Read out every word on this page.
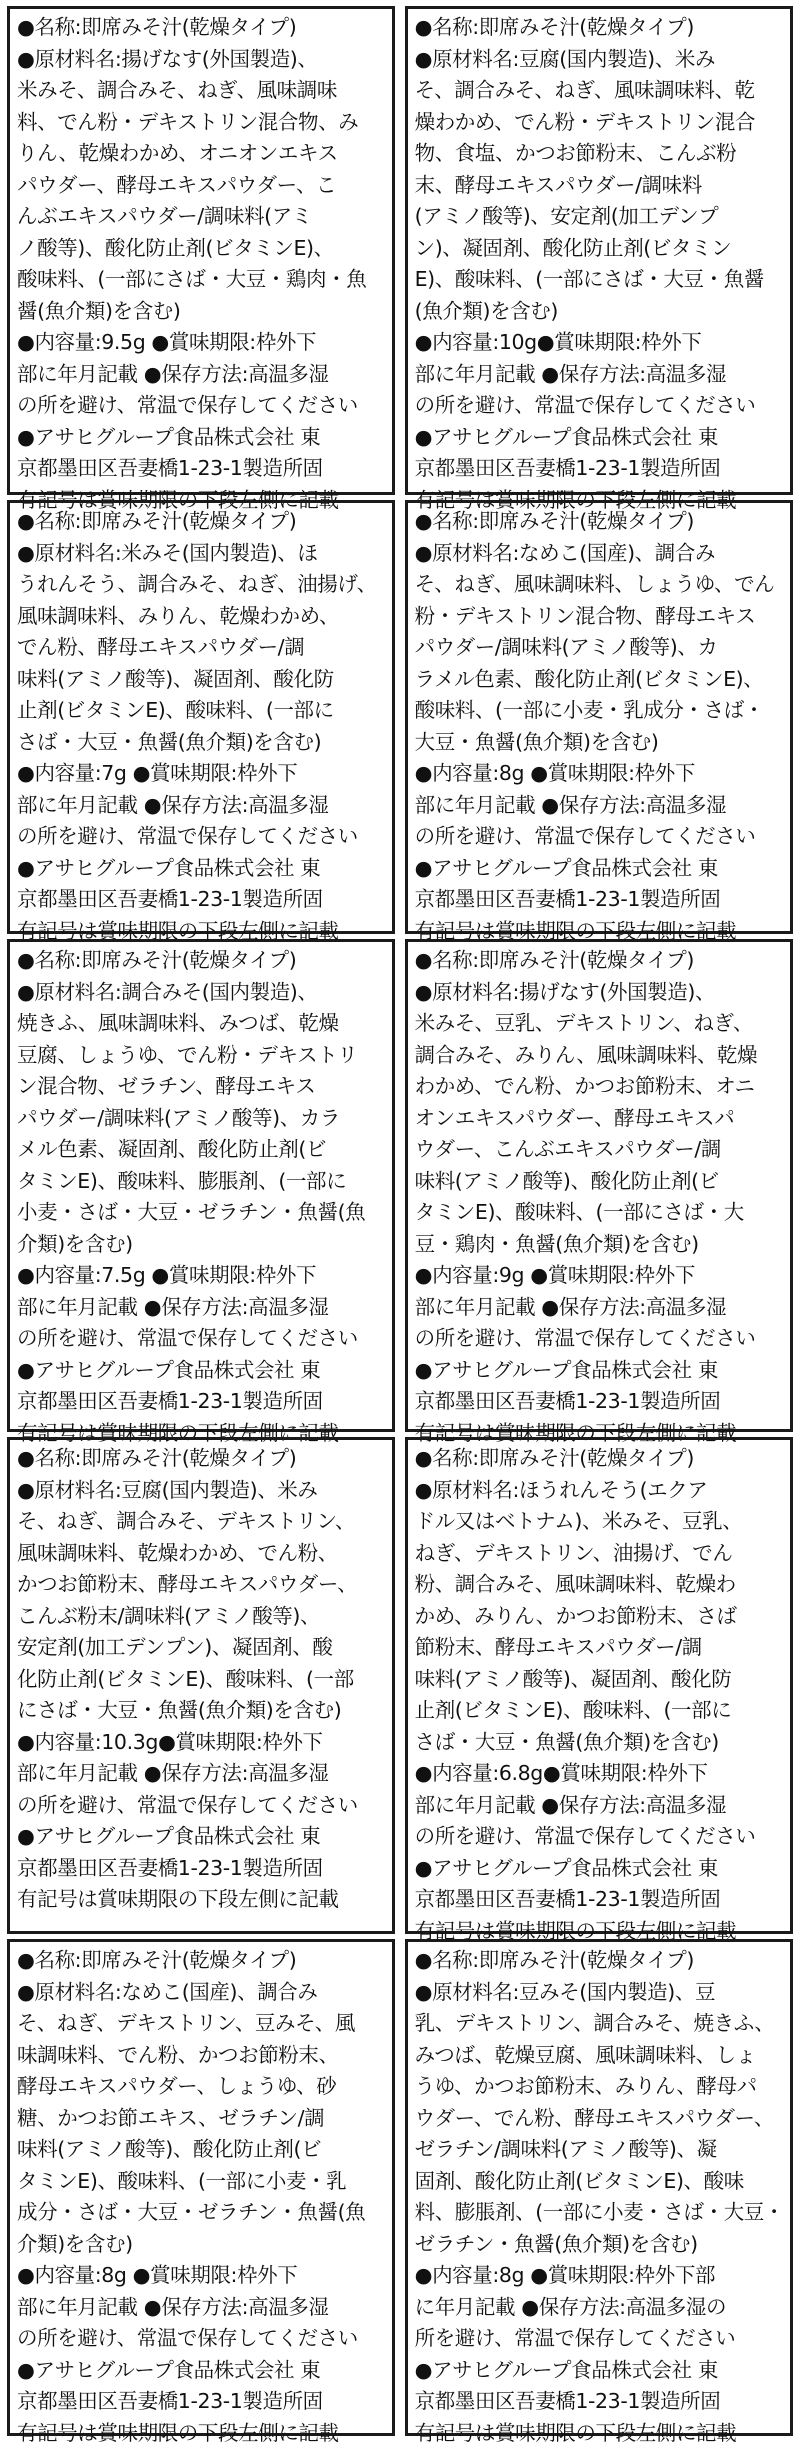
●名称:即席みそ汁(乾燥タイプ)
●原材料名:揚げなす(外国製造)、
米みそ、調合みそ、ねぎ、風味調味
料、でん粉・デキストリン混合物、み
りん、乾燥わかめ、オニオンエキス
パウダー、酵母エキスパウダー、こ
んぶエキスパウダー/調味料(アミ
ノ酸等)、酸化防止剤(ビタミンE)、
酸味料、(一部にさば・大豆・鶏肉・魚
醤(魚介類)を含む)
●内容量:9.5g ●賞味期限:枠外下
部に年月記載 ●保存方法:高温多湿
の所を避け、常温で保存してください
●アサヒグループ食品株式会社 東
京都墨田区吾妻橋1-23-1製造所固
有記号は賞味期限の下段左側に記載
●名称:即席みそ汁(乾燥タイプ)
●原材料名:豆腐(国内製造)、米み
そ、調合みそ、ねぎ、風味調味料、乾
燥わかめ、でん粉・デキストリン混合
物、食塩、かつお節粉末、こんぶ粉
末、酵母エキスパウダー/調味料
(アミノ酸等)、安定剤(加工デンプ
ン)、凝固剤、酸化防止剤(ビタミン
E)、酸味料、(一部にさば・大豆・魚醤
(魚介類)を含む)
●内容量:10g●賞味期限:枠外下
部に年月記載 ●保存方法:高温多湿
の所を避け、常温で保存してください
●アサヒグループ食品株式会社 東
京都墨田区吾妻橋1-23-1製造所固
有記号は賞味期限の下段左側に記載
●名称:即席みそ汁(乾燥タイプ)
●原材料名:米みそ(国内製造)、ほ
うれんそう、調合みそ、ねぎ、油揚げ、
風味調味料、みりん、乾燥わかめ、
でん粉、酵母エキスパウダー/調
味料(アミノ酸等)、凝固剤、酸化防
止剤(ビタミンE)、酸味料、(一部に
さば・大豆・魚醤(魚介類)を含む)
●内容量:7g ●賞味期限:枠外下
部に年月記載 ●保存方法:高温多湿
の所を避け、常温で保存してください
●アサヒグループ食品株式会社 東
京都墨田区吾妻橋1-23-1製造所固
有記号は賞味期限の下段左側に記載
●名称:即席みそ汁(乾燥タイプ)
●原材料名:なめこ(国産)、調合み
そ、ねぎ、風味調味料、しょうゆ、でん
粉・デキストリン混合物、酵母エキス
パウダー/調味料(アミノ酸等)、カ
ラメル色素、酸化防止剤(ビタミンE)、
酸味料、(一部に小麦・乳成分・さば・
大豆・魚醤(魚介類)を含む)
●内容量:8g ●賞味期限:枠外下
部に年月記載 ●保存方法:高温多湿
の所を避け、常温で保存してください
●アサヒグループ食品株式会社 東
京都墨田区吾妻橋1-23-1製造所固
有記号は賞味期限の下段左側に記載
●名称:即席みそ汁(乾燥タイプ)
●原材料名:調合みそ(国内製造)、
焼きふ、風味調味料、みつば、乾燥
豆腐、しょうゆ、でん粉・デキストリ
ン混合物、ゼラチン、酵母エキス
パウダー/調味料(アミノ酸等)、カラ
メル色素、凝固剤、酸化防止剤(ビ
タミンE)、酸味料、膨脹剤、(一部に
小麦・さば・大豆・ゼラチン・魚醤(魚
介類)を含む)
●内容量:7.5g ●賞味期限:枠外下
部に年月記載 ●保存方法:高温多湿
の所を避け、常温で保存してください
●アサヒグループ食品株式会社 東
京都墨田区吾妻橋1-23-1製造所固
有記号は賞味期限の下段左側に記載
●名称:即席みそ汁(乾燥タイプ)
●原材料名:揚げなす(外国製造)、
米みそ、豆乳、デキストリン、ねぎ、
調合みそ、みりん、風味調味料、乾燥
わかめ、でん粉、かつお節粉末、オニ
オンエキスパウダー、酵母エキスパ
ウダー、こんぶエキスパウダー/調
味料(アミノ酸等)、酸化防止剤(ビ
タミンE)、酸味料、(一部にさば・大
豆・鶏肉・魚醤(魚介類)を含む)
●内容量:9g ●賞味期限:枠外下
部に年月記載 ●保存方法:高温多湿
の所を避け、常温で保存してください
●アサヒグループ食品株式会社 東
京都墨田区吾妻橋1-23-1製造所固
有記号は賞味期限の下段左側に記載
●名称:即席みそ汁(乾燥タイプ)
●原材料名:豆腐(国内製造)、米み
そ、ねぎ、調合みそ、デキストリン、
風味調味料、乾燥わかめ、でん粉、
かつお節粉末、酵母エキスパウダー、
こんぶ粉末/調味料(アミノ酸等)、
安定剤(加工デンプン)、凝固剤、酸
化防止剤(ビタミンE)、酸味料、(一部
にさば・大豆・魚醤(魚介類)を含む)
●内容量:10.3g●賞味期限:枠外下
部に年月記載 ●保存方法:高温多湿
の所を避け、常温で保存してください
●アサヒグループ食品株式会社 東
京都墨田区吾妻橋1-23-1製造所固
有記号は賞味期限の下段左側に記載
●名称:即席みそ汁(乾燥タイプ)
●原材料名:ほうれんそう(エクア
ドル又はベトナム)、米みそ、豆乳、
ねぎ、デキストリン、油揚げ、でん
粉、調合みそ、風味調味料、乾燥わ
かめ、みりん、かつお節粉末、さば
節粉末、酵母エキスパウダー/調
味料(アミノ酸等)、凝固剤、酸化防
止剤(ビタミンE)、酸味料、(一部に
さば・大豆・魚醤(魚介類)を含む)
●内容量:6.8g●賞味期限:枠外下
部に年月記載 ●保存方法:高温多湿
の所を避け、常温で保存してください
●アサヒグループ食品株式会社 東
京都墨田区吾妻橋1-23-1製造所固
有記号は賞味期限の下段左側に記載
●名称:即席みそ汁(乾燥タイプ)
●原材料名:なめこ(国産)、調合み
そ、ねぎ、デキストリン、豆みそ、風
味調味料、でん粉、かつお節粉末、
酵母エキスパウダー、しょうゆ、砂
糖、かつお節エキス、ゼラチン/調
味料(アミノ酸等)、酸化防止剤(ビ
タミンE)、酸味料、(一部に小麦・乳
成分・さば・大豆・ゼラチン・魚醤(魚
介類)を含む)
●内容量:8g ●賞味期限:枠外下
部に年月記載 ●保存方法:高温多湿
の所を避け、常温で保存してください
●アサヒグループ食品株式会社 東
京都墨田区吾妻橋1-23-1製造所固
有記号は賞味期限の下段左側に記載
●名称:即席みそ汁(乾燥タイプ)
●原材料名:豆みそ(国内製造)、豆
乳、デキストリン、調合みそ、焼きふ、
みつば、乾燥豆腐、風味調味料、しょ
うゆ、かつお節粉末、みりん、酵母パ
ウダー、でん粉、酵母エキスパウダー、
ゼラチン/調味料(アミノ酸等)、凝
固剤、酸化防止剤(ビタミンE)、酸味
料、膨脹剤、(一部に小麦・さば・大豆・
ゼラチン・魚醤(魚介類)を含む)
●内容量:8g ●賞味期限:枠外下部
に年月記載 ●保存方法:高温多湿の
所を避け、常温で保存してください
●アサヒグループ食品株式会社 東
京都墨田区吾妻橋1-23-1製造所固
有記号は賞味期限の下段左側に記載
